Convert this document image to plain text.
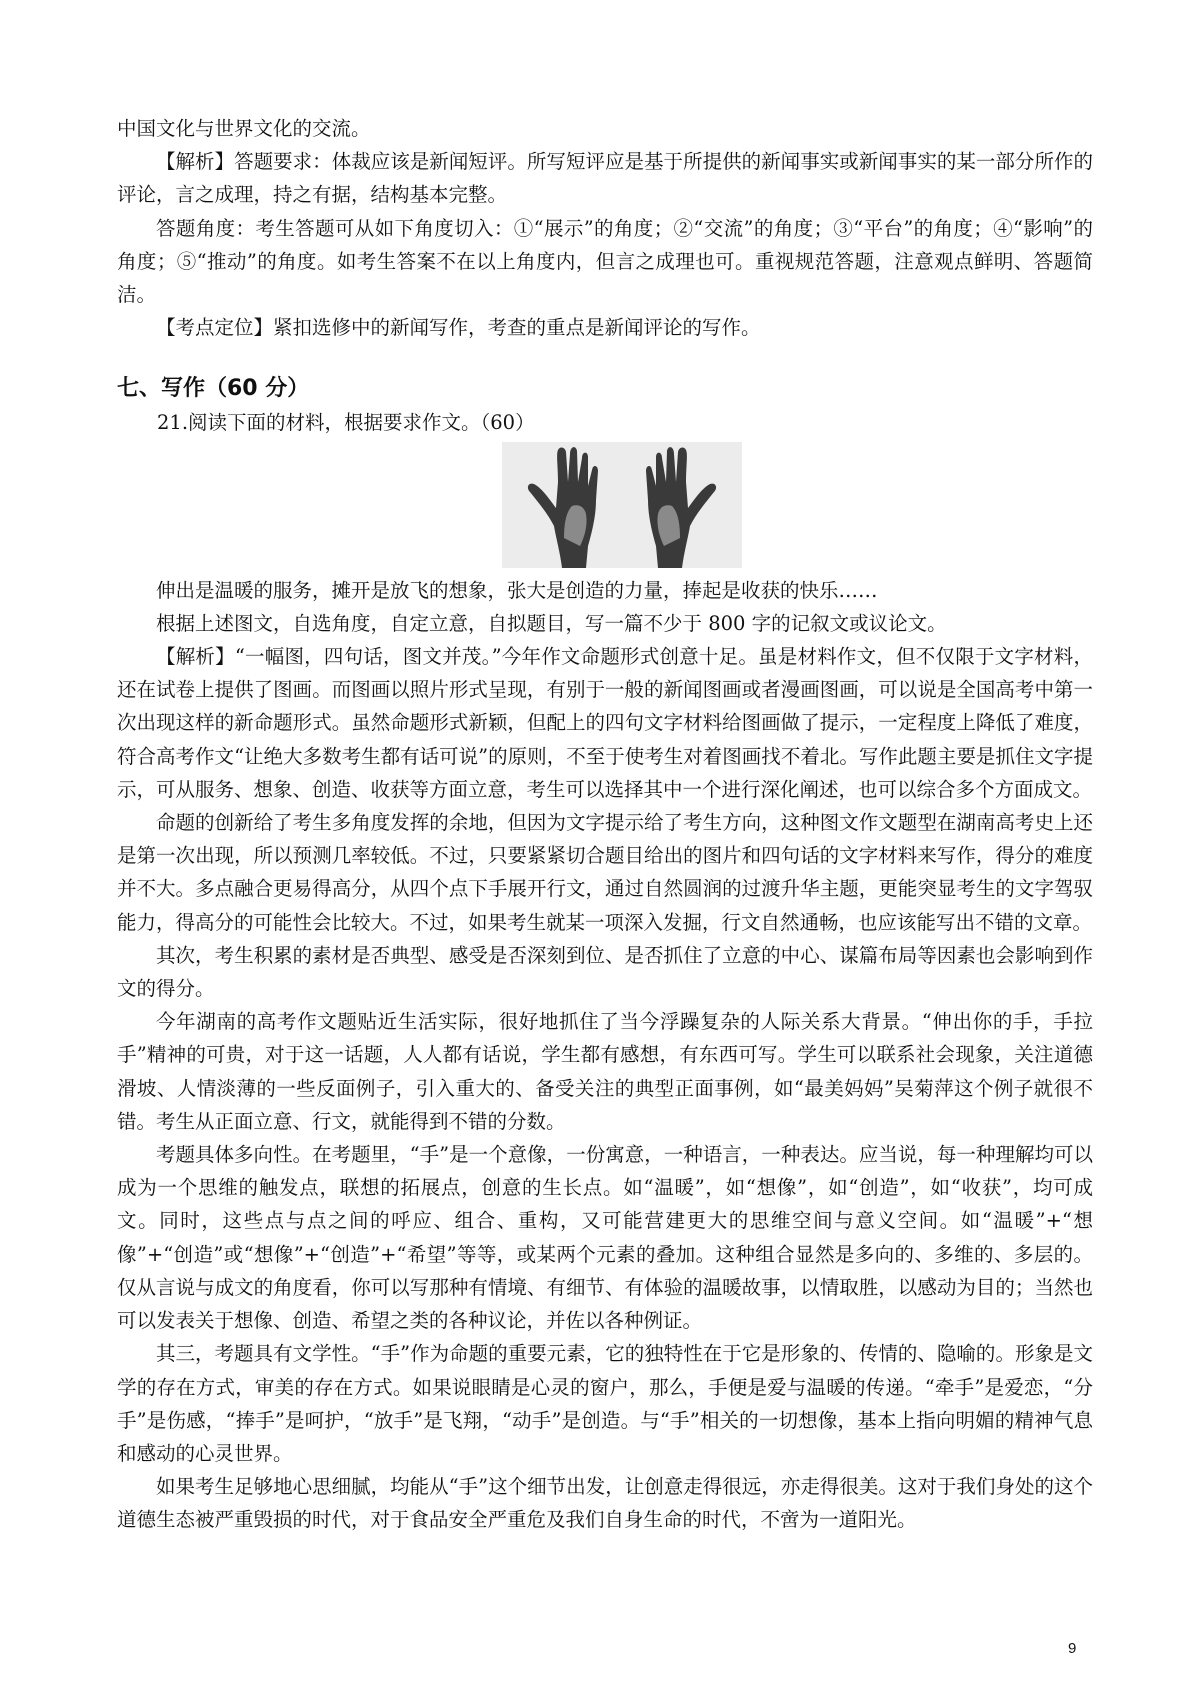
中国文化与世界文化的交流。

【解析】答题要求：体裁应该是新闻短评。所写短评应是基于所提供的新闻事实或新闻事实的某一部分所作的评论，言之成理，持之有据，结构基本完整。

答题角度：考生答题可从如下角度切入：①“展示”的角度；②“交流”的角度；③“平台”的角度；④“影响”的角度；⑤“推动”的角度。如考生答案不在以上角度内，但言之成理也可。重视规范答题，注意观点鲜明、答题简洁。

【考点定位】紧扣选修中的新闻写作，考查的重点是新闻评论的写作。

七、写作（60 分）

21.阅读下面的材料，根据要求作文。（60）

伸出是温暖的服务，摊开是放飞的想象，张大是创造的力量，捧起是收获的快乐……

根据上述图文，自选角度，自定立意，自拟题目，写一篇不少于 800 字的记叙文或议论文。

【解析】“一幅图，四句话，图文并茂。”今年作文命题形式创意十足。虽是材料作文，但不仅限于文字材料，还在试卷上提供了图画。而图画以照片形式呈现，有别于一般的新闻图画或者漫画图画，可以说是全国高考中第一次出现这样的新命题形式。虽然命题形式新颖，但配上的四句文字材料给图画做了提示，一定程度上降低了难度，符合高考作文“让绝大多数考生都有话可说”的原则，不至于使考生对着图画找不着北。写作此题主要是抓住文字提示，可从服务、想象、创造、收获等方面立意，考生可以选择其中一个进行深化阐述，也可以综合多个方面成文。

命题的创新给了考生多角度发挥的余地，但因为文字提示给了考生方向，这种图文作文题型在湖南高考史上还是第一次出现，所以预测几率较低。不过，只要紧紧切合题目给出的图片和四句话的文字材料来写作，得分的难度并不大。多点融合更易得高分，从四个点下手展开行文，通过自然圆润的过渡升华主题，更能突显考生的文字驾驭能力，得高分的可能性会比较大。不过，如果考生就某一项深入发掘，行文自然通畅，也应该能写出不错的文章。

其次，考生积累的素材是否典型、感受是否深刻到位、是否抓住了立意的中心、谋篇布局等因素也会影响到作文的得分。

今年湖南的高考作文题贴近生活实际，很好地抓住了当今浮躁复杂的人际关系大背景。“伸出你的手，手拉手”精神的可贵，对于这一话题，人人都有话说，学生都有感想，有东西可写。学生可以联系社会现象，关注道德滑坡、人情淡薄的一些反面例子，引入重大的、备受关注的典型正面事例，如“最美妈妈”吴菊萍这个例子就很不错。考生从正面立意、行文，就能得到不错的分数。

考题具体多向性。在考题里，“手”是一个意像，一份寓意，一种语言，一种表达。应当说，每一种理解均可以成为一个思维的触发点，联想的拓展点，创意的生长点。如“温暖”，如“想像”，如“创造”，如“收获”，均可成文。同时，这些点与点之间的呼应、组合、重构，又可能营建更大的思维空间与意义空间。如“温暖”+“想像”+“创造”或“想像”+“创造”+“希望”等等，或某两个元素的叠加。这种组合显然是多向的、多维的、多层的。仅从言说与成文的角度看，你可以写那种有情境、有细节、有体验的温暖故事，以情取胜，以感动为目的；当然也可以发表关于想像、创造、希望之类的各种议论，并佐以各种例证。

其三，考题具有文学性。“手”作为命题的重要元素，它的独特性在于它是形象的、传情的、隐喻的。形象是文学的存在方式，审美的存在方式。如果说眼睛是心灵的窗户，那么，手便是爱与温暖的传递。“牵手”是爱恋，“分手”是伤感，“捧手”是呵护，“放手”是飞翔，“动手”是创造。与“手”相关的一切想像，基本上指向明媚的精神气息和感动的心灵世界。

如果考生足够地心思细腻，均能从“手”这个细节出发，让创意走得很远，亦走得很美。这对于我们身处的这个道德生态被严重毁损的时代，对于食品安全严重危及我们自身生命的时代，不啻为一道阳光。

9
